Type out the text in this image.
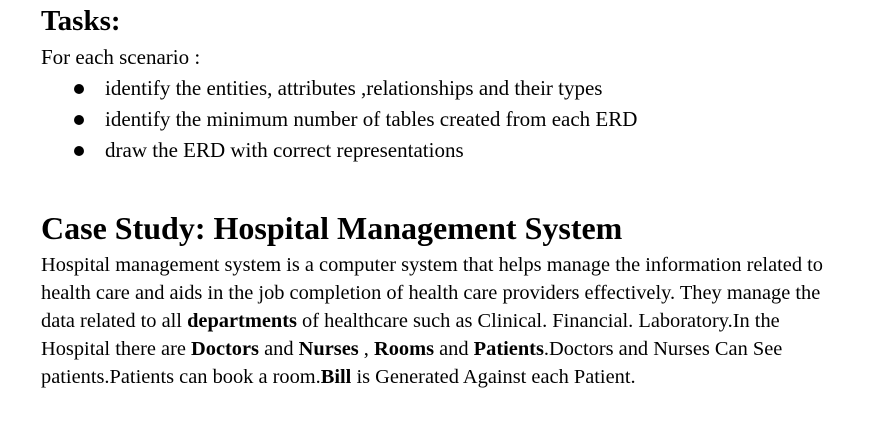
Tasks:
For each scenario :
identify the entities, attributes ,relationships and their types
identify the minimum number of tables created from each ERD
draw the ERD with correct representations
Case Study: Hospital Management System
Hospital management system is a computer system that helps manage the information related to
health care and aids in the job completion of health care providers effectively. They manage the
data related to all departments of healthcare such as Clinical. Financial. Laboratory.In the
Hospital there are Doctors and Nurses , Rooms and Patients.Doctors and Nurses Can See
patients.Patients can book a room.Bill is Generated Against each Patient.
